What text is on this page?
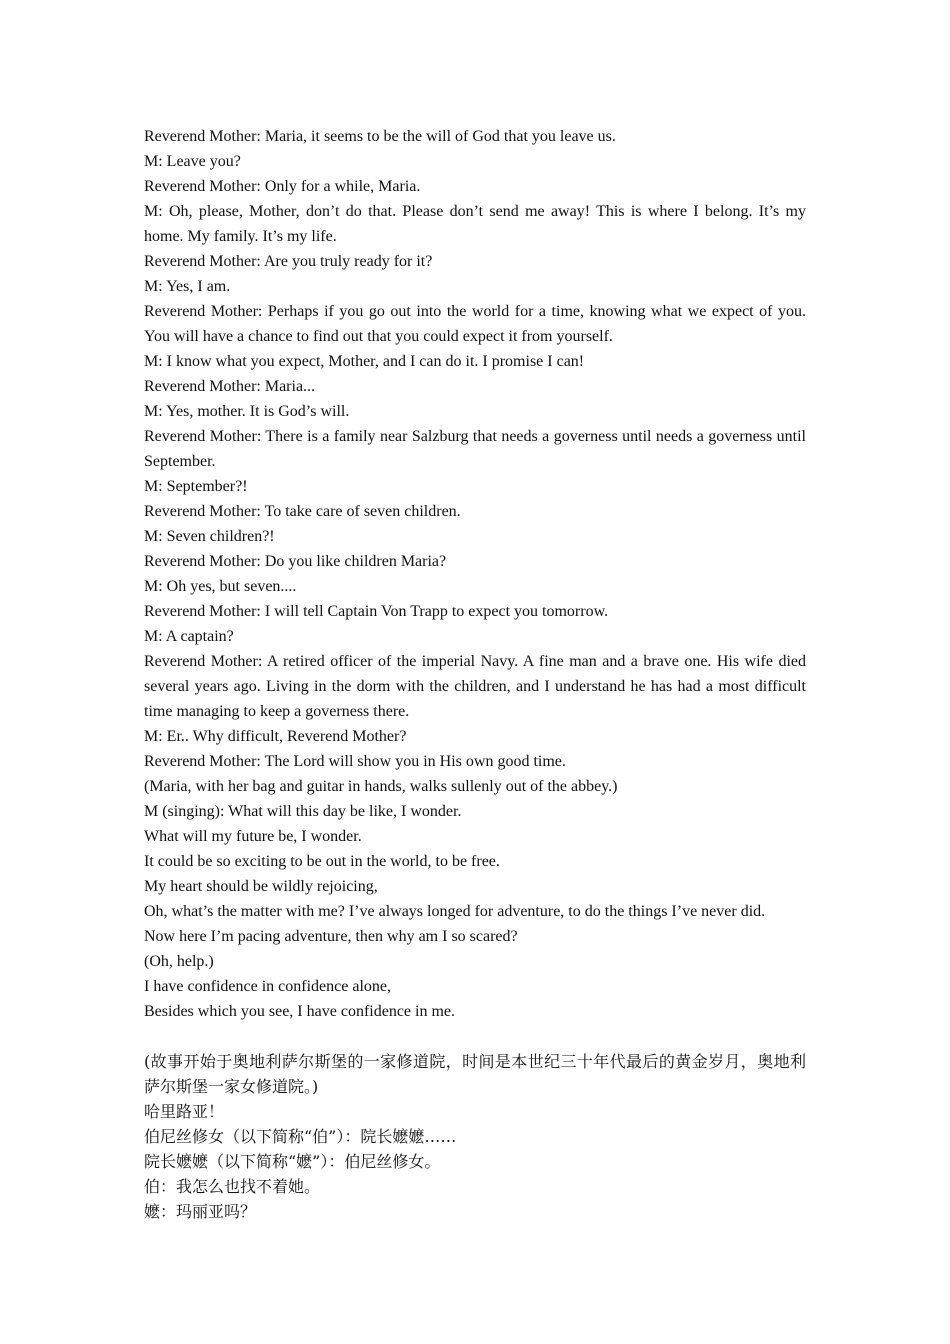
Reverend Mother: Maria, it seems to be the will of God that you leave us.

M: Leave you?

Reverend Mother: Only for a while, Maria.

M: Oh, please, Mother, don’t do that. Please don’t send me away! This is where I belong. It’s my home. My family. It’s my life.

Reverend Mother: Are you truly ready for it?

M: Yes, I am.

Reverend Mother: Perhaps if you go out into the world for a time, knowing what we expect of you. You will have a chance to find out that you could expect it from yourself.

M: I know what you expect, Mother, and I can do it. I promise I can!

Reverend Mother: Maria...

M: Yes, mother. It is God’s will.

Reverend Mother: There is a family near Salzburg that needs a governess until needs a governess until September.

M: September?!

Reverend Mother: To take care of seven children.

M: Seven children?!

Reverend Mother: Do you like children Maria?

M: Oh yes, but seven....

Reverend Mother: I will tell Captain Von Trapp to expect you tomorrow.

M: A captain?

Reverend Mother: A retired officer of the imperial Navy. A fine man and a brave one. His wife died several years ago. Living in the dorm with the children, and I understand he has had a most difficult time managing to keep a governess there.

M: Er.. Why difficult, Reverend Mother?

Reverend Mother: The Lord will show you in His own good time.

(Maria, with her bag and guitar in hands, walks sullenly out of the abbey.)

M (singing): What will this day be like, I wonder.

What will my future be, I wonder.

It could be so exciting to be out in the world, to be free.

My heart should be wildly rejoicing,

Oh, what’s the matter with me? I’ve always longed for adventure, to do the things I’ve never did.

Now here I’m pacing adventure, then why am I so scared?

(Oh, help.)

I have confidence in confidence alone,

Besides which you see, I have confidence in me.

(故事开始于奥地利萨尔斯堡的一家修道院，时间是本世纪三十年代最后的黄金岁月，奥地利萨尔斯堡一家女修道院。)

哈里路亚！

伯尼丝修女（以下简称“伯”）：院长嬷嬷……

院长嬷嬷（以下简称“嬷”）：伯尼丝修女。

伯：我怎么也找不着她。

嬷：玛丽亚吗？
